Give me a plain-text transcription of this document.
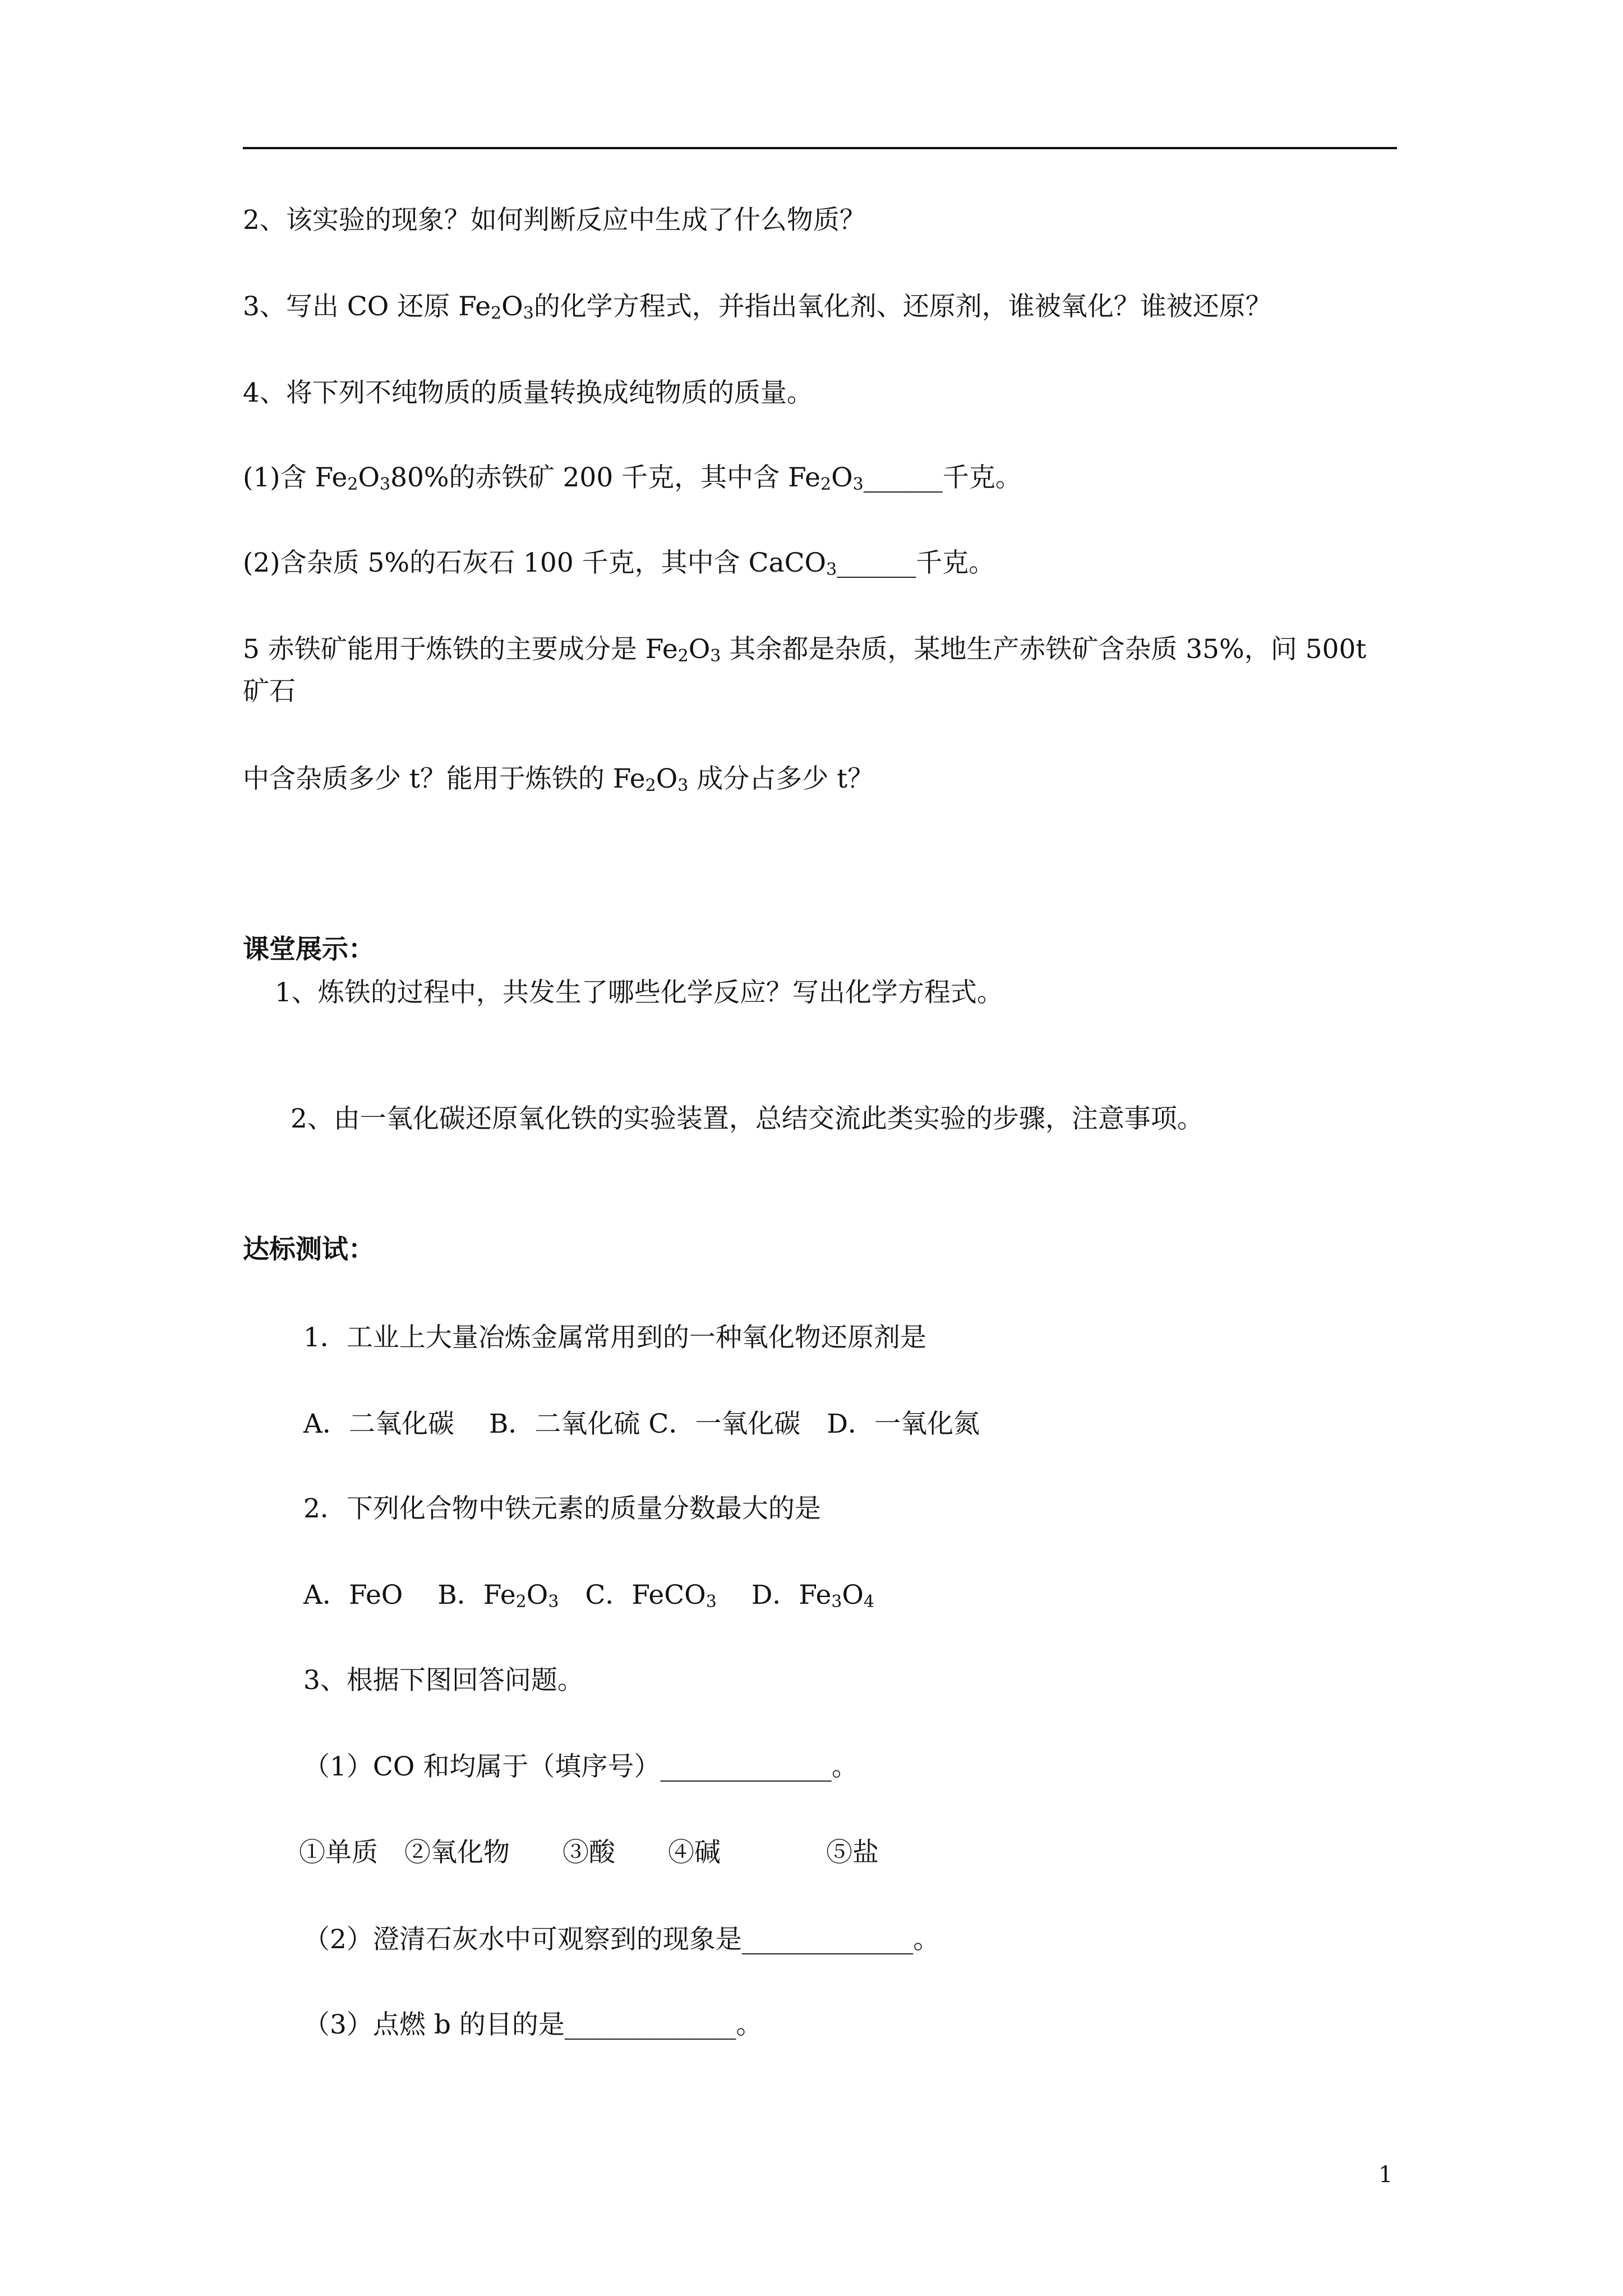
2、该实验的现象？如何判断反应中生成了什么物质？
3、写出 CO 还原 $Fe_2O_3$的化学方程式，并指出氧化剂、还原剂，谁被氧化？谁被还原？
4、将下列不纯物质的质量转换成纯物质的质量。
(1)含 $Fe_2O_380\%$的赤铁矿 200 千克，其中含 $Fe_2O_3\_\_\_\_\_\_$千克。
(2)含杂质 5%的石灰石 100 千克，其中含 CaCO$_3$______千克。
5 赤铁矿能用于炼铁的主要成分是 $Fe_2O_3$ 其余都是杂质，某地生产赤铁矿含杂质 35%，问 500t
矿石
中含杂质多少 t？能用于炼铁的 $Fe_2O_3$ 成分占多少 t？
课堂展示：
1、炼铁的过程中，共发生了哪些化学反应？写出化学方程式。
2、由一氧化碳还原氧化铁的实验装置，总结交流此类实验的步骤，注意事项。
达标测试：
1．工业上大量冶炼金属常用到的一种氧化物还原剂是
A．二氧化碳　 B．二氧化硫 C．一氧化碳　D．一氧化氮
2．下列化合物中铁元素的质量分数最大的是
A．FeO　 B．$Fe_2O_3$　C．FeCO$_3$　 D．$Fe_3O_4$
3、根据下图回答问题。
（1）CO 和均属于（填序号）_____________。
①单质　②氧化物　　③酸　　④碱　　　　⑤盐
（2）澄清石灰水中可观察到的现象是_____________。
（3）点燃 b 的目的是_____________。
1
